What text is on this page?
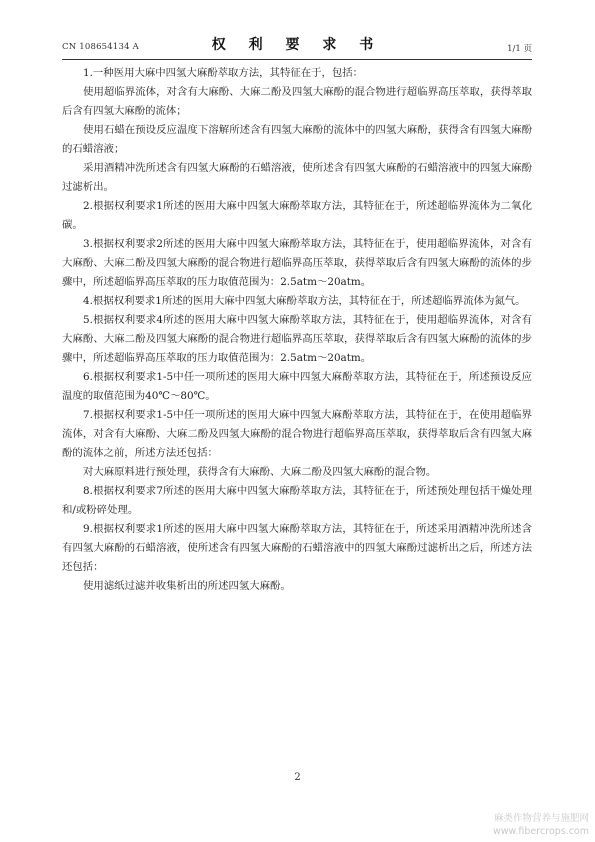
CN 108654134 A	权 利 要 求 书	1/1 页

1.一种医用大麻中四氢大麻酚萃取方法，其特征在于，包括：

使用超临界流体，对含有大麻酚、大麻二酚及四氢大麻酚的混合物进行超临界高压萃取，获得萃取后含有四氢大麻酚的流体；

使用石蜡在预设反应温度下溶解所述含有四氢大麻酚的流体中的四氢大麻酚，获得含有四氢大麻酚的石蜡溶液；

采用酒精冲洗所述含有四氢大麻酚的石蜡溶液，使所述含有四氢大麻酚的石蜡溶液中的四氢大麻酚过滤析出。

2.根据权利要求1所述的医用大麻中四氢大麻酚萃取方法，其特征在于，所述超临界流体为二氧化碳。

3.根据权利要求2所述的医用大麻中四氢大麻酚萃取方法，其特征在于，使用超临界流体，对含有大麻酚、大麻二酚及四氢大麻酚的混合物进行超临界高压萃取，获得萃取后含有四氢大麻酚的流体的步骤中，所述超临界高压萃取的压力取值范围为：2.5atm～20atm。

4.根据权利要求1所述的医用大麻中四氢大麻酚萃取方法，其特征在于，所述超临界流体为氮气。

5.根据权利要求4所述的医用大麻中四氢大麻酚萃取方法，其特征在于，使用超临界流体，对含有大麻酚、大麻二酚及四氢大麻酚的混合物进行超临界高压萃取，获得萃取后含有四氢大麻酚的流体的步骤中，所述超临界高压萃取的压力取值范围为：2.5atm～20atm。

6.根据权利要求1-5中任一项所述的医用大麻中四氢大麻酚萃取方法，其特征在于，所述预设反应温度的取值范围为40℃～80℃。

7.根据权利要求1-5中任一项所述的医用大麻中四氢大麻酚萃取方法，其特征在于，在使用超临界流体，对含有大麻酚、大麻二酚及四氢大麻酚的混合物进行超临界高压萃取，获得萃取后含有四氢大麻酚的流体之前，所述方法还包括：

对大麻原料进行预处理，获得含有大麻酚、大麻二酚及四氢大麻酚的混合物。

8.根据权利要求7所述的医用大麻中四氢大麻酚萃取方法，其特征在于，所述预处理包括干燥处理和/或粉碎处理。

9.根据权利要求1所述的医用大麻中四氢大麻酚萃取方法，其特征在于，所述采用酒精冲洗所述含有四氢大麻酚的石蜡溶液，使所述含有四氢大麻酚的石蜡溶液中的四氢大麻酚过滤析出之后，所述方法还包括：

使用滤纸过滤并收集析出的所述四氢大麻酚。

2
麻类作物营养与施肥网
www.fibercrops.com
